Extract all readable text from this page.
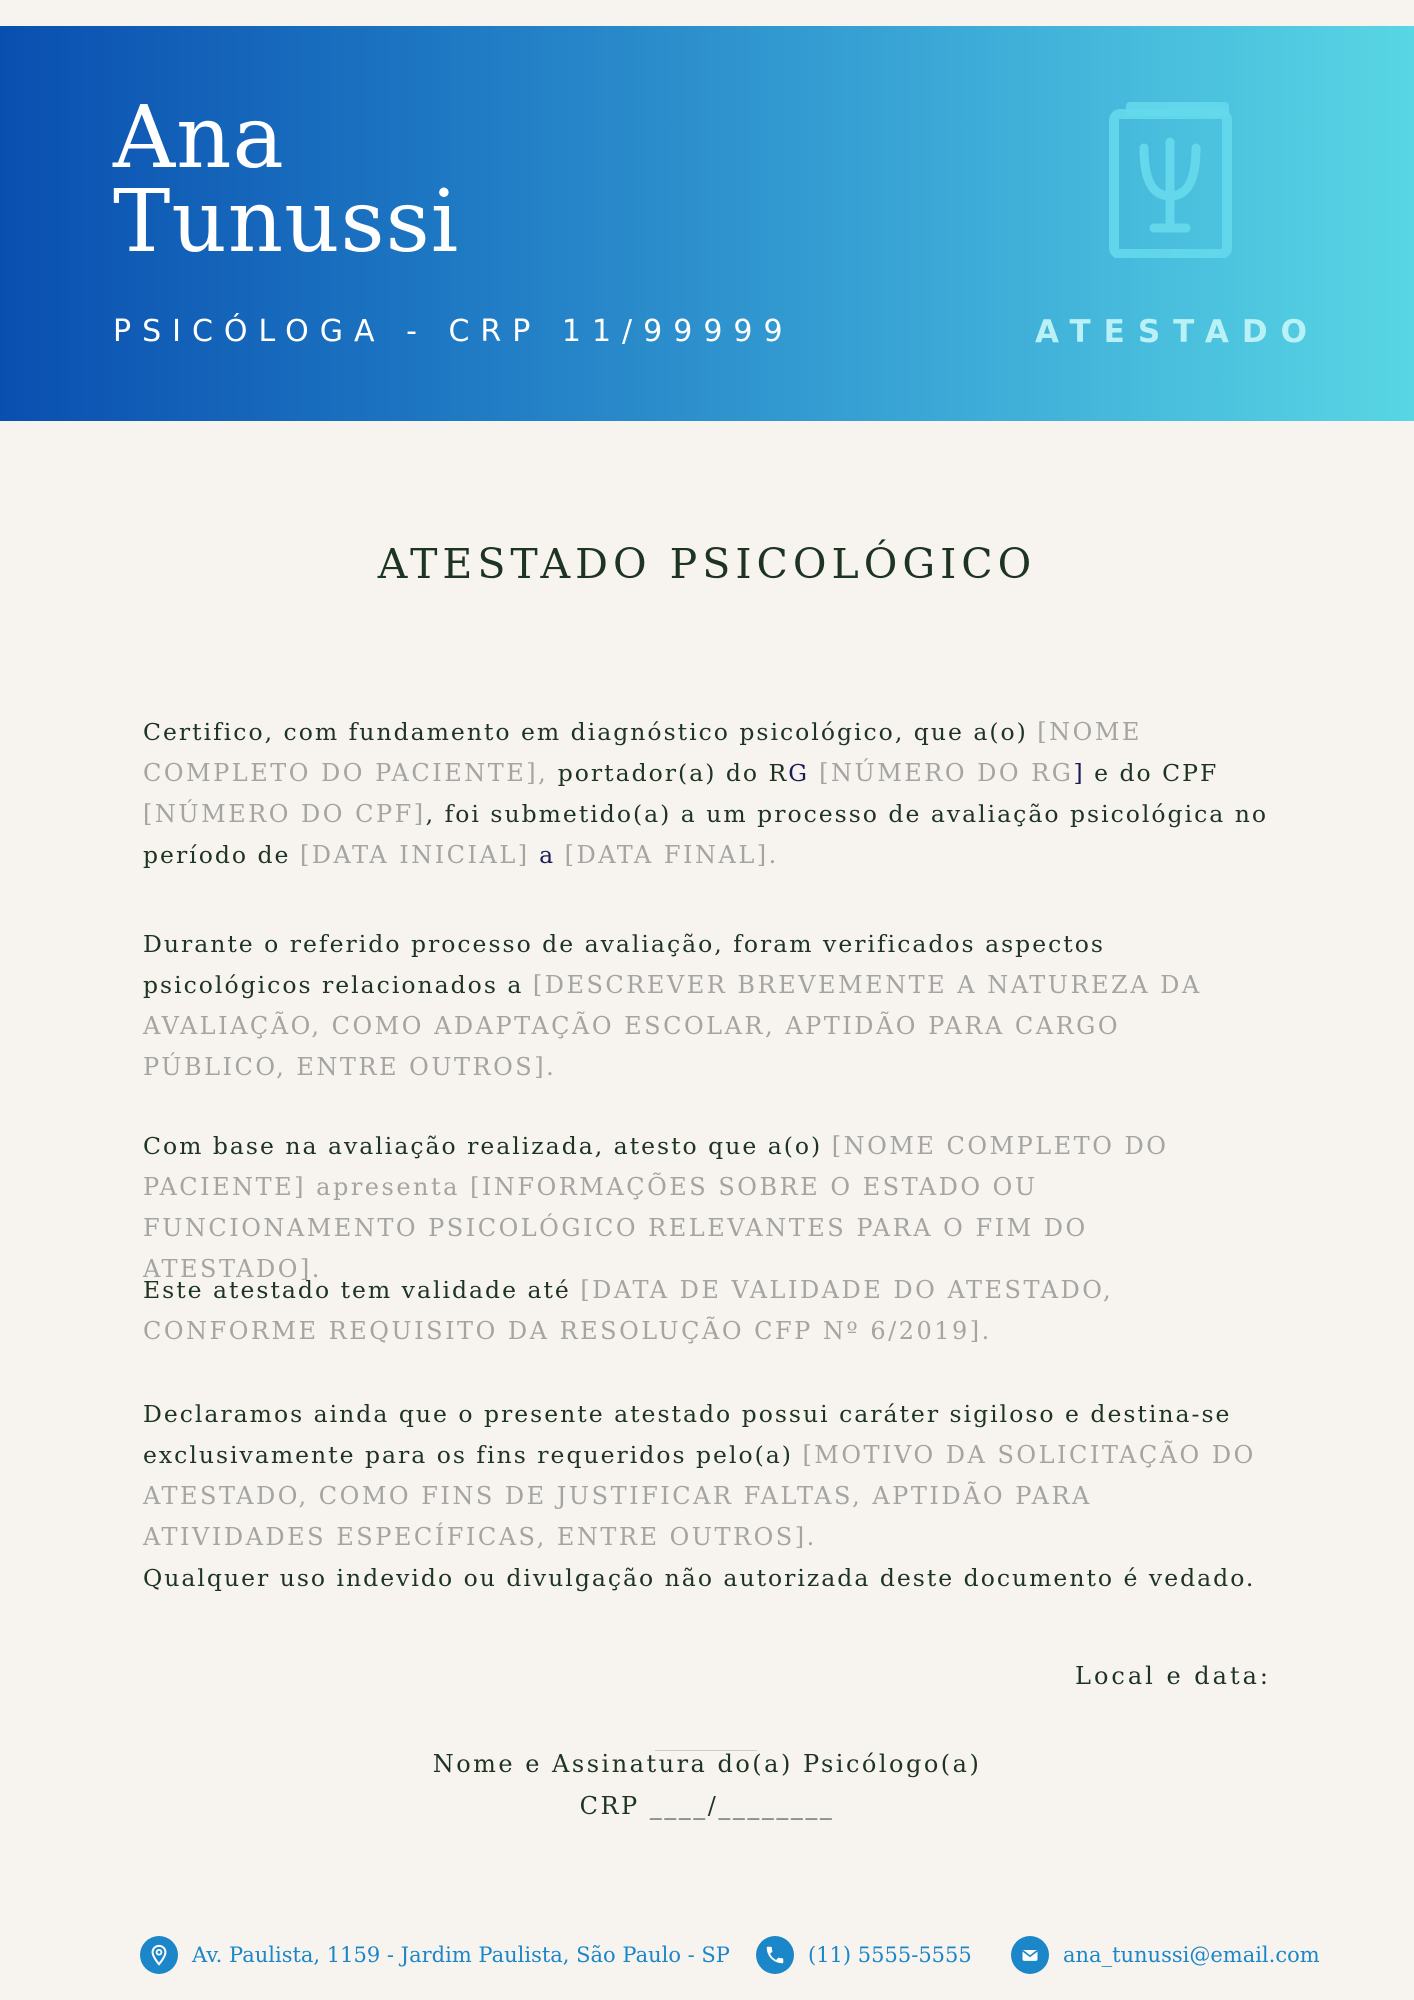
Ana
Tunussi
PSICÓLOGA - CRP 11/99999	ATESTADO
ATESTADO PSICOLÓGICO

Certifico, com fundamento em diagnóstico psicológico, que a(o) [NOME COMPLETO DO PACIENTE], portador(a) do RG [NÚMERO DO RG] e do CPF [NÚMERO DO CPF], foi submetido(a) a um processo de avaliação psicológica no período de [DATA INICIAL] a [DATA FINAL].

Durante o referido processo de avaliação, foram verificados aspectos psicológicos relacionados a [DESCREVER BREVEMENTE A NATUREZA DA AVALIAÇÃO, COMO ADAPTAÇÃO ESCOLAR, APTIDÃO PARA CARGO PÚBLICO, ENTRE OUTROS].

Com base na avaliação realizada, atesto que a(o) [NOME COMPLETO DO PACIENTE] apresenta [INFORMAÇÕES SOBRE O ESTADO OU FUNCIONAMENTO PSICOLÓGICO RELEVANTES PARA O FIM DO ATESTADO].

Este atestado tem validade até [DATA DE VALIDADE DO ATESTADO, CONFORME REQUISITO DA RESOLUÇÃO CFP Nº 6/2019].

Declaramos ainda que o presente atestado possui caráter sigiloso e destina-se exclusivamente para os fins requeridos pelo(a) [MOTIVO DA SOLICITAÇÃO DO ATESTADO, COMO FINS DE JUSTIFICAR FALTAS, APTIDÃO PARA ATIVIDADES ESPECÍFICAS, ENTRE OUTROS].
Qualquer uso indevido ou divulgação não autorizada deste documento é vedado.

Local e data:
Nome e Assinatura do(a) Psicólogo(a)
CRP ____/________
Av. Paulista, 1159 - Jardim Paulista, São Paulo - SP	(11) 5555-5555	ana_tunussi@email.com
